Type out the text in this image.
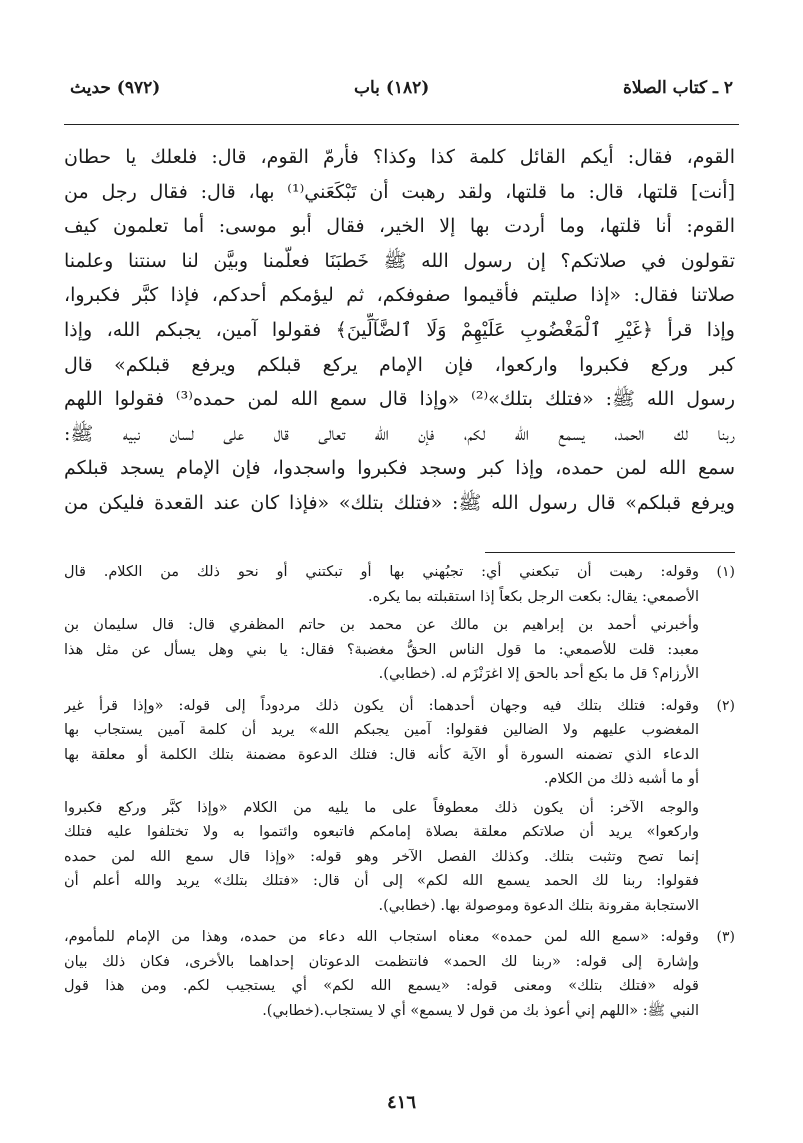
٢ ـ كتاب الصلاة
(١٨٢) باب
(٩٧٢) حديث
القوم، فقال: أيكم القائل كلمة كذا وكذا؟ فأرمّ القوم، قال: فلعلك يا حطان
[أنت] قلتها، قال: ما قلتها، ولقد رهبت أن تَبْكَعَني⁽¹⁾ بها، قال: فقال رجل من
القوم: أنا قلتها، وما أردت بها إلا الخير، فقال أبو موسى: أما تعلمون كيف
تقولون في صلاتكم؟ إن رسول الله ﷺ خَطبَنَا فعلّمنا وبيَّن لنا سنتنا وعلمنا
صلاتنا فقال: «إذا صليتم فأقيموا صفوفكم، ثم ليؤمكم أحدكم، فإذا كبَّر فكبروا،
وإذا قرأ ﴿غَيْرِ ٱلْمَغْضُوبِ عَلَيْهِمْ وَلَا ٱلضَّآلِّينَ﴾ فقولوا آمين، يجبكم الله، وإذا
كبر وركع فكبروا واركعوا، فإن الإمام يركع قبلكم ويرفع قبلكم» قال
رسول الله ﷺ: «فتلك بتلك»⁽²⁾ «وإذا قال سمع الله لمن حمده⁽³⁾ فقولوا اللهم
ربنا لك الحمد، يسمع الله لكم، فإن الله تعالى قال على لسان نبيه ﷺ:
سمع الله لمن حمده، وإذا كبر وسجد فكبروا واسجدوا، فإن الإمام يسجد قبلكم
ويرفع قبلكم» قال رسول الله ﷺ: «فتلك بتلك» «فإذا كان عند القعدة فليكن من
(١)
وقوله: رهبت أن تبكعني أي: تجبُهني بها أو تبكتني أو نحو ذلك من الكلام. قال
الأصمعي: يقال: بكعت الرجل بكعاً إذا استقبلته بما يكره.
وأخبرني أحمد بن إبراهيم بن مالك عن محمد بن حاتم المظفري قال: قال سليمان بن
معبد: قلت للأصمعي: ما قول الناس الحقُّ مغضبة؟ فقال: يا بني وهل يسأل عن مثل هذا
الأرزام؟ قل ما بكع أحد بالحق إلا اغرَنْزَم له. (خطابي).
(٢)
وقوله: فتلك بتلك فيه وجهان أحدهما: أن يكون ذلك مردوداً إلى قوله: «وإذا قرأ غير
المغضوب عليهم ولا الضالين فقولوا: آمين يجبكم الله» يريد أن كلمة آمين يستجاب بها
الدعاء الذي تضمنه السورة أو الآية كأنه قال: فتلك الدعوة مضمنة بتلك الكلمة أو معلقة بها
أو ما أشبه ذلك من الكلام.
والوجه الآخر: أن يكون ذلك معطوفاً على ما يليه من الكلام «وإذا كبَّر وركع فكبروا
واركعوا» يريد أن صلاتكم معلقة بصلاة إمامكم فاتبعوه وائتموا به ولا تختلفوا عليه فتلك
إنما تصح وتثبت بتلك. وكذلك الفصل الآخر وهو قوله: «وإذا قال سمع الله لمن حمده
فقولوا: ربنا لك الحمد يسمع الله لكم» إلى أن قال: «فتلك بتلك» يريد والله أعلم أن
الاستجابة مقرونة بتلك الدعوة وموصولة بها. (خطابي).
(٣)
وقوله: «سمع الله لمن حمده» معناه استجاب الله دعاء من حمده، وهذا من الإمام للمأموم،
وإشارة إلى قوله: «ربنا لك الحمد» فانتظمت الدعوتان إحداهما بالأخرى، فكان ذلك بيان
قوله «فتلك بتلك» ومعنى قوله: «يسمع الله لكم» أي يستجيب لكم. ومن هذا قول
النبي ﷺ: «اللهم إني أعوذ بك من قول لا يسمع» أي لا يستجاب.(خطابي).
٤١٦
